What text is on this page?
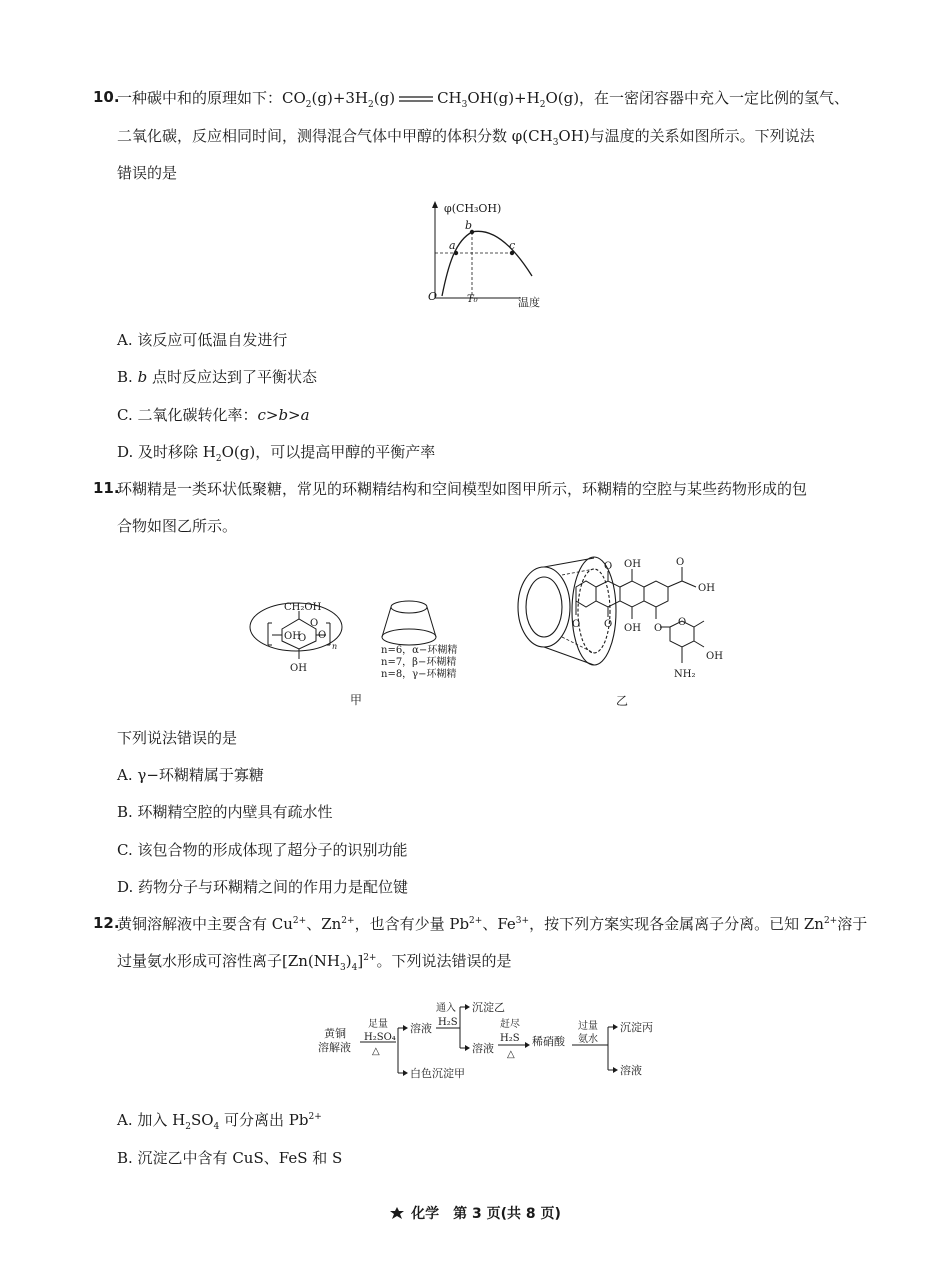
10.
一种碳中和的原理如下：$CO_2(g)+3H_2(g)$	$CH_3OH(g)+H_2O(g)$，在一密闭容器中充入一定比例的氢气、
二氧化碳，反应相同时间，测得混合气体中甲醇的体积分数 $\varphi(CH_3OH)$与温度的关系如图所示。下列说法
错误的是
φ(CH₃OH)
温度
O	T₀
a
b
c
A. 该反应可低温自发进行
B. b 点时反应达到了平衡状态
C. 二氧化碳转化率：c>b>a
D. 及时移除 $H_2O(g)$，可以提高甲醇的平衡产率
11.
环糊精是一类环状低聚糖，常见的环糊精结构和空间模型如图甲所示，环糊精的空腔与某些药物形成的包
合物如图乙所示。
CH₂OH
O
OH
O O
OH
n	n=6，α−环糊精
n=7，β−环糊精
n=8，γ−环糊精
甲
OH	O
OH
O
O OH
O	O
O
OH
NH₂
乙
下列说法错误的是
A. γ−环糊精属于寡糖
B. 环糊精空腔的内壁具有疏水性
C. 该包合物的形成体现了超分子的识别功能
D. 药物分子与环糊精之间的作用力是配位键
12.
黄铜溶解液中主要含有 $Cu^{2+}$、$Zn^{2+}$，也含有少量 $Pb^{2+}$、$Fe^{3+}$，按下列方案实现各金属离子分离。已知 $Zn^{2+}$溶于
过量氨水形成可溶性离子$[Zn(NH_3)_4]^{2+}$。下列说法错误的是
黄铜
溶解液
足量
H₂SO₄
△
溶液
白色沉淀甲
通入
H₂S
沉淀乙
溶液
赶尽
H₂S
△
稀硝酸
过量
氨水
沉淀丙
溶液
A. 加入 $H_2SO_4$ 可分离出 $Pb^{2+}$
B. 沉淀乙中含有 CuS、FeS 和 S
化学 第 3 页(共 8 页)
